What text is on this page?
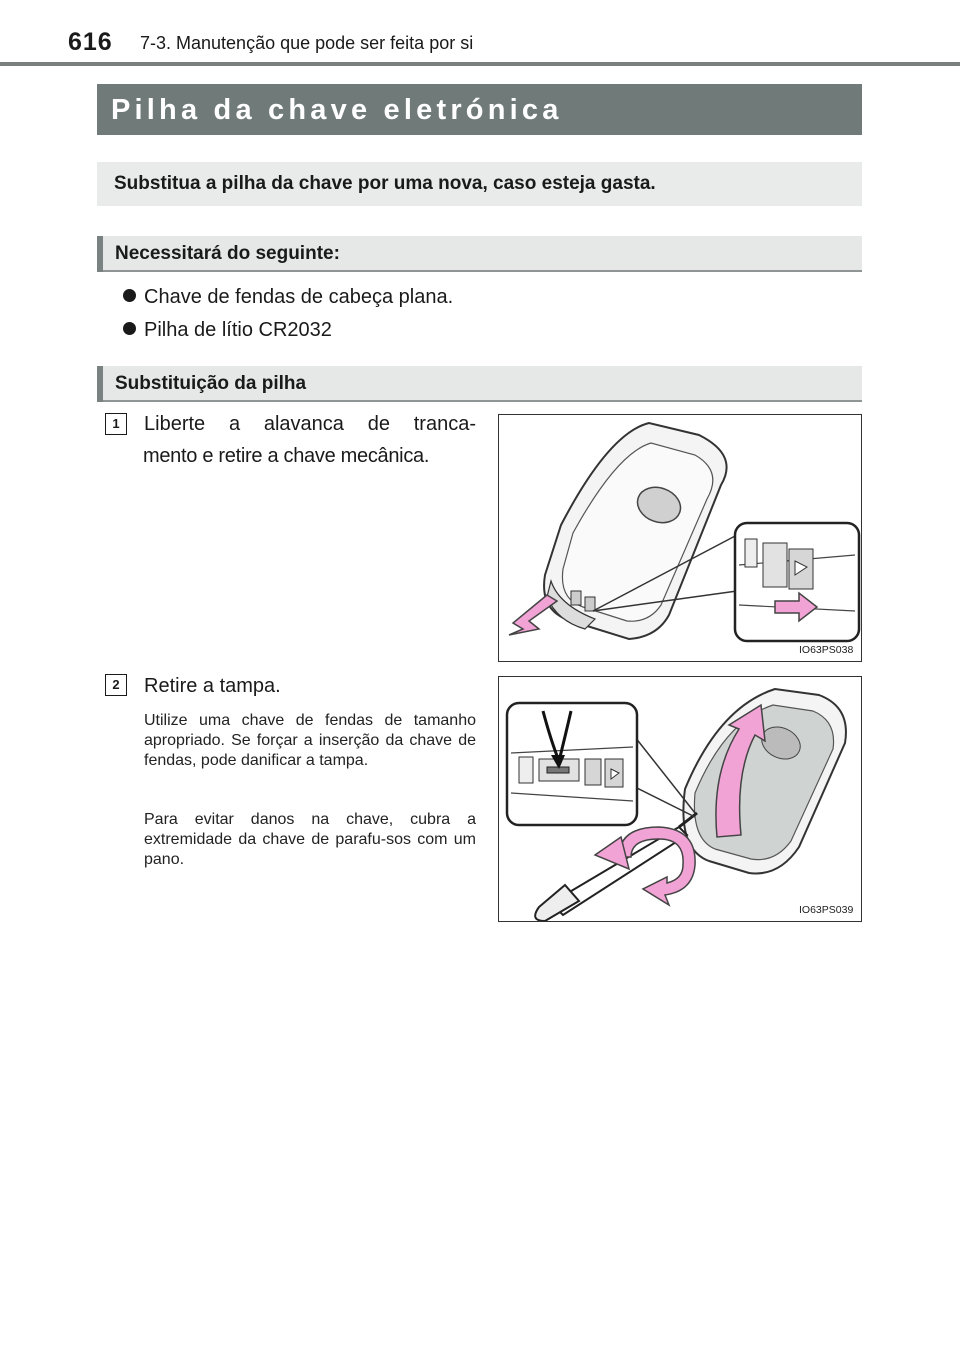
616 7-3. Manutenção que pode ser feita por si
Pilha da chave eletrónica
Substitua a pilha da chave por uma nova, caso esteja gasta.
Necessitará do seguinte:
Chave de fendas de cabeça plana.
Pilha de lítio CR2032
Substituição da pilha
1	Liberte a alavanca de tranca-
mento e retire a chave mecânica.
IO63PS038
2	Retire a tampa.
Utilize uma chave de fendas de tamanho apropriado. Se forçar a inserção da chave de fendas, pode danificar a tampa.
Para evitar danos na chave, cubra a extremidade da chave de parafu-sos com um pano.
IO63PS039
